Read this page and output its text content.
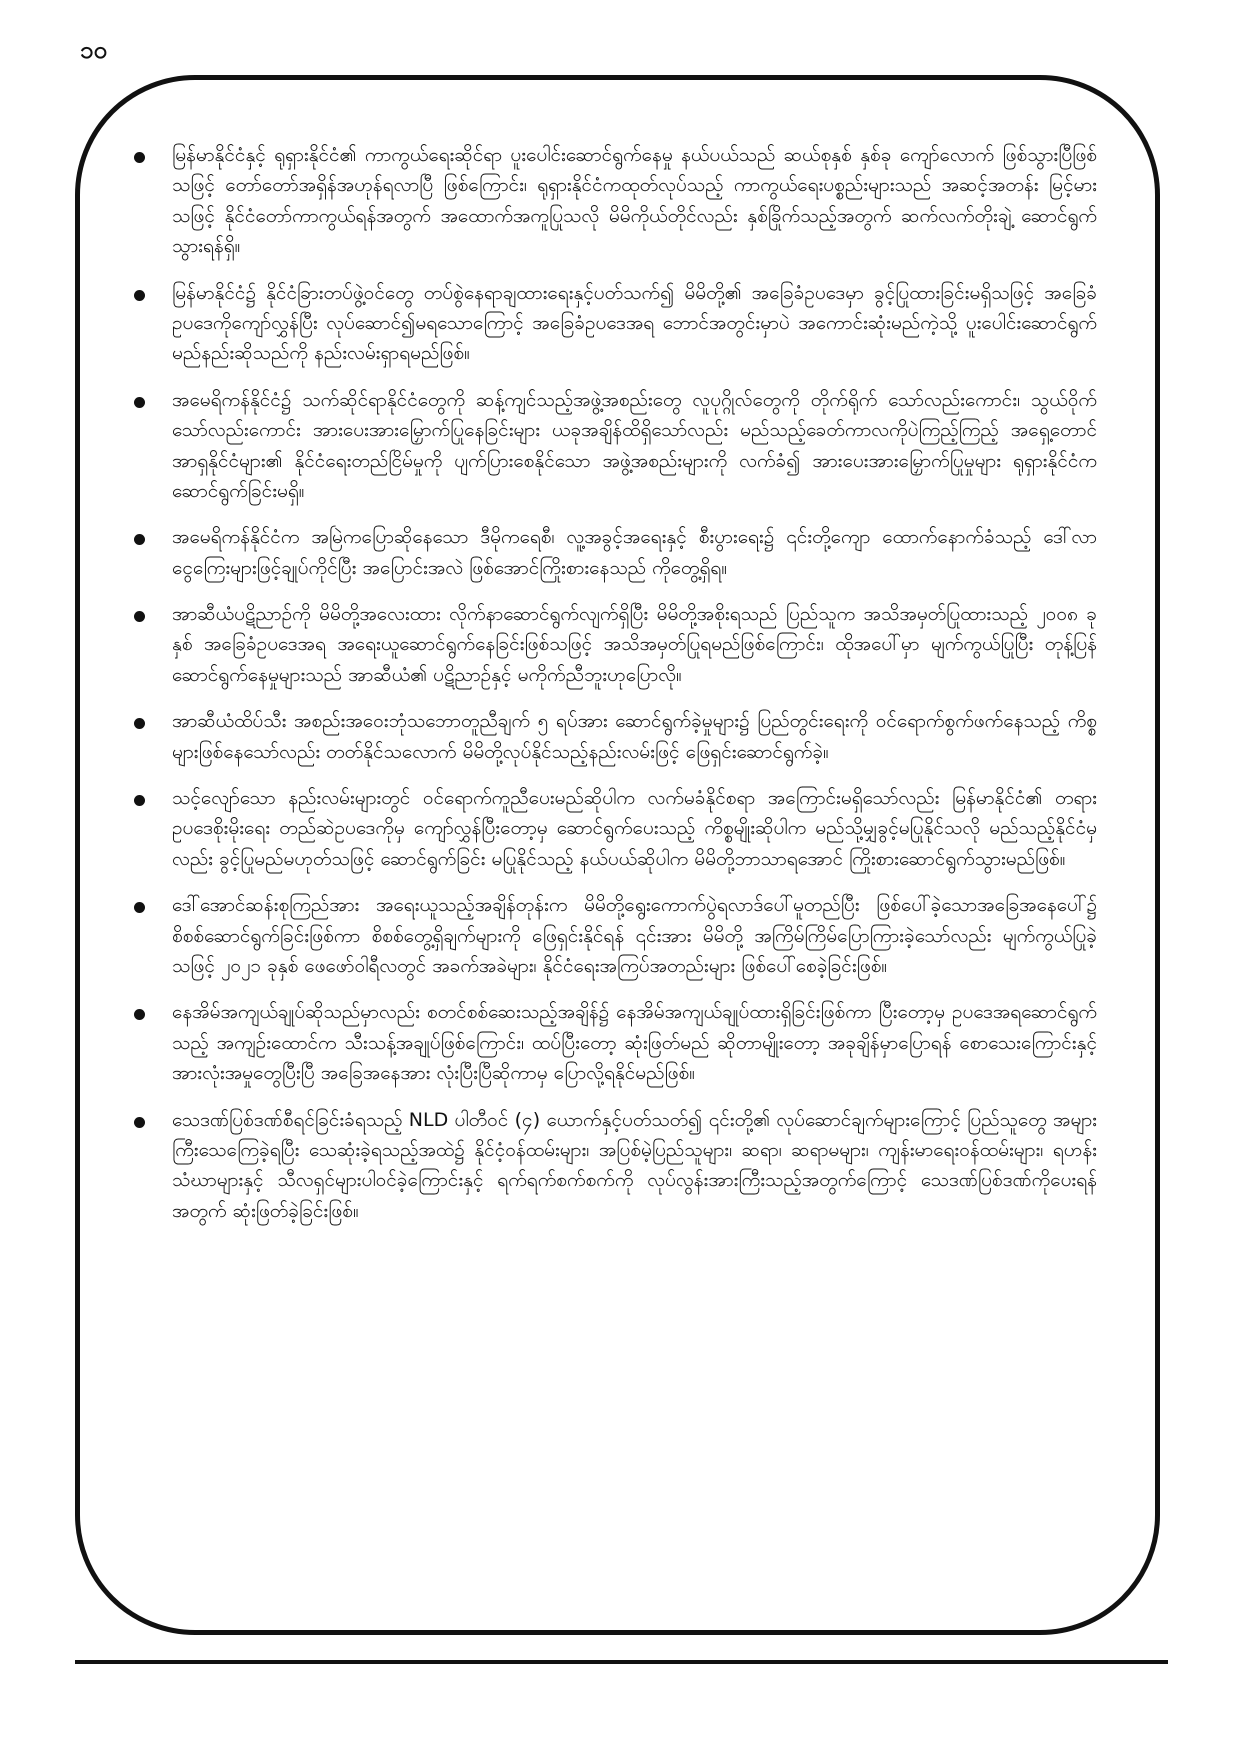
၁၀
မြန်မာနိုင်ငံနှင့် ရုရှားနိုင်ငံ၏ ကာကွယ်ရေးဆိုင်ရာ ပူးပေါင်းဆောင်ရွက်နေမှု နယ်ပယ်သည် ဆယ်စုနှစ် နှစ်ခု ကျော်လောက် ဖြစ်သွားပြီဖြစ်သဖြင့် တော်တော်အရှိန်အဟုန်ရလာပြီ ဖြစ်ကြောင်း၊ ရုရှားနိုင်ငံကထုတ်လုပ်သည့် ကာကွယ်ရေးပစ္စည်းများသည် အဆင့်အတန်း မြင့်မားသဖြင့် နိုင်ငံတော်ကာကွယ်ရန်အတွက် အထောက်အကူပြုသလို မိမိကိုယ်တိုင်လည်း နှစ်ခြိုက်သည့်အတွက် ဆက်လက်တိုးချဲ့ ဆောင်ရွက်သွားရန်ရှိ။
မြန်မာနိုင်ငံ၌ နိုင်ငံခြားတပ်ဖွဲ့ဝင်တွေ တပ်စွဲနေရာချထားရေးနှင့်ပတ်သက်၍ မိမိတို့၏ အခြေခံဥပဒေမှာ ခွင့်ပြုထားခြင်းမရှိသဖြင့် အခြေခံဥပဒေကိုကျော်လွှန်ပြီး လုပ်ဆောင်၍မရသောကြောင့် အခြေခံဥပဒေအရ ဘောင်အတွင်းမှာပဲ အကောင်းဆုံးမည်ကဲ့သို့ ပူးပေါင်းဆောင်ရွက်မည်နည်းဆိုသည်ကို နည်းလမ်းရှာရမည်ဖြစ်။
အမေရိကန်နိုင်ငံ၌ သက်ဆိုင်ရာနိုင်ငံတွေကို ဆန့်ကျင်သည့်အဖွဲ့အစည်းတွေ လူပုဂ္ဂိုလ်တွေကို တိုက်ရိုက် သော်လည်းကောင်း၊ သွယ်ဝိုက်သော်လည်းကောင်း အားပေးအားမြှောက်ပြုနေခြင်းများ ယခုအချိန်ထိရှိသော်လည်း မည်သည့်ခေတ်ကာလကိုပဲကြည့်ကြည့် အရှေ့တောင်အာရှနိုင်ငံများ၏ နိုင်ငံရေးတည်ငြိမ်မှုကို ပျက်ပြားစေနိုင်သော အဖွဲ့အစည်းများကို လက်ခံ၍ အားပေးအားမြှောက်ပြုမှုများ ရုရှားနိုင်ငံက ဆောင်ရွက်ခြင်းမရှိ။
အမေရိကန်နိုင်ငံက အမြဲကပြောဆိုနေသော ဒီမိုကရေစီ၊ လူ့အခွင့်အရေးနှင့် စီးပွားရေး၌ ၎င်းတို့ကျော ထောက်နောက်ခံသည့် ဒေါ်လာငွေကြေးများဖြင့်ချုပ်ကိုင်ပြီး အပြောင်းအလဲ ဖြစ်အောင်ကြိုးစားနေသည် ကိုတွေ့ရှိရ။
အာဆီယံပဋိညာဉ်ကို မိမိတို့အလေးထား လိုက်နာဆောင်ရွက်လျက်ရှိပြီး မိမိတို့အစိုးရသည် ပြည်သူက အသိအမှတ်ပြုထားသည့် ၂၀၀၈ ခုနှစ် အခြေခံဥပဒေအရ အရေးယူဆောင်ရွက်နေခြင်းဖြစ်သဖြင့် အသိအမှတ်ပြုရမည်ဖြစ်ကြောင်း၊ ထိုအပေါ်မှာ မျက်ကွယ်ပြုပြီး တုန့်ပြန်ဆောင်ရွက်နေမှုများသည် အာဆီယံ၏ ပဋိညာဉ်နှင့် မကိုက်ညီဘူးဟုပြောလို။
အာဆီယံထိပ်သီး အစည်းအဝေးဘုံသဘောတူညီချက် ၅ ရပ်အား ဆောင်ရွက်ခဲ့မှုများ၌ ပြည်တွင်းရေးကို ဝင်ရောက်စွက်ဖက်နေသည့် ကိစ္စများဖြစ်နေသော်လည်း တတ်နိုင်သလောက် မိမိတို့လုပ်နိုင်သည့်နည်းလမ်းဖြင့် ဖြေရှင်းဆောင်ရွက်ခဲ့။
သင့်လျော်သော နည်းလမ်းများတွင် ဝင်ရောက်ကူညီပေးမည်ဆိုပါက လက်မခံနိုင်စရာ အကြောင်းမရှိသော်လည်း မြန်မာနိုင်ငံ၏ တရားဥပဒေစိုးမိုးရေး တည်ဆဲဥပဒေကိုမှ ကျော်လွှန်ပြီးတော့မှ ဆောင်ရွက်ပေးသည့် ကိစ္စမျိုးဆိုပါက မည်သို့မျှခွင့်မပြုနိုင်သလို မည်သည့်နိုင်ငံမှလည်း ခွင့်ပြုမည်မဟုတ်သဖြင့် ဆောင်ရွက်ခြင်း မပြုနိုင်သည့် နယ်ပယ်ဆိုပါက မိမိတို့ဘာသာရအောင် ကြိုးစားဆောင်ရွက်သွားမည်ဖြစ်။
ဒေါ်အောင်ဆန်းစုကြည်အား အရေးယူသည့်အချိန်တုန်းက မိမိတို့ရွေးကောက်ပွဲရလာဒ်ပေါ်မူတည်ပြီး ဖြစ်ပေါ်ခဲ့သောအခြေအနေပေါ်၌ စိစစ်ဆောင်ရွက်ခြင်းဖြစ်ကာ စိစစ်တွေ့ရှိချက်များကို ဖြေရှင်းနိုင်ရန် ၎င်းအား မိမိတို့ အကြိမ်ကြိမ်ပြောကြားခဲ့သော်လည်း မျက်ကွယ်ပြုခဲ့သဖြင့် ၂၀၂၁ ခုနှစ် ဖေဖော်ဝါရီလတွင် အခက်အခဲများ၊ နိုင်ငံရေးအကြပ်အတည်းများ ဖြစ်ပေါ်စေခဲ့ခြင်းဖြစ်။
နေအိမ်အကျယ်ချုပ်ဆိုသည်မှာလည်း စတင်စစ်ဆေးသည့်အချိန်၌ နေအိမ်အကျယ်ချုပ်ထားရှိခြင်းဖြစ်ကာ ပြီးတော့မှ ဥပဒေအရဆောင်ရွက်သည့် အကျဉ်းထောင်က သီးသန့်အချုပ်ဖြစ်ကြောင်း၊ ထပ်ပြီးတော့ ဆုံးဖြတ်မည် ဆိုတာမျိုးတော့ အခုချိန်မှာပြောရန် စောသေးကြောင်းနှင့် အားလုံးအမှုတွေပြီးပြီ အခြေအနေအား လုံးပြီးပြီဆိုကာမှ ပြောလို့ရနိုင်မည်ဖြစ်။
သေဒဏ်ပြစ်ဒဏ်စီရင်ခြင်းခံရသည့် NLD ပါတီဝင် (၄) ယောက်နှင့်ပတ်သတ်၍ ၎င်းတို့၏ လုပ်ဆောင်ချက်များကြောင့် ပြည်သူတွေ အများကြီးသေကြေခဲ့ရပြီး သေဆုံးခဲ့ရသည့်အထဲ၌ နိုင်ငံ့ဝန်ထမ်းများ၊ အပြစ်မဲ့ပြည်သူများ၊ ဆရာ၊ ဆရာမများ၊ ကျန်းမာရေးဝန်ထမ်းများ၊ ရဟန်းသံဃာများနှင့် သီလရှင်များပါဝင်ခဲ့ကြောင်းနှင့် ရက်ရက်စက်စက်ကို လုပ်လွန်းအားကြီးသည့်အတွက်ကြောင့် သေဒဏ်ပြစ်ဒဏ်ကိုပေးရန်အတွက် ဆုံးဖြတ်ခဲ့ခြင်းဖြစ်။
